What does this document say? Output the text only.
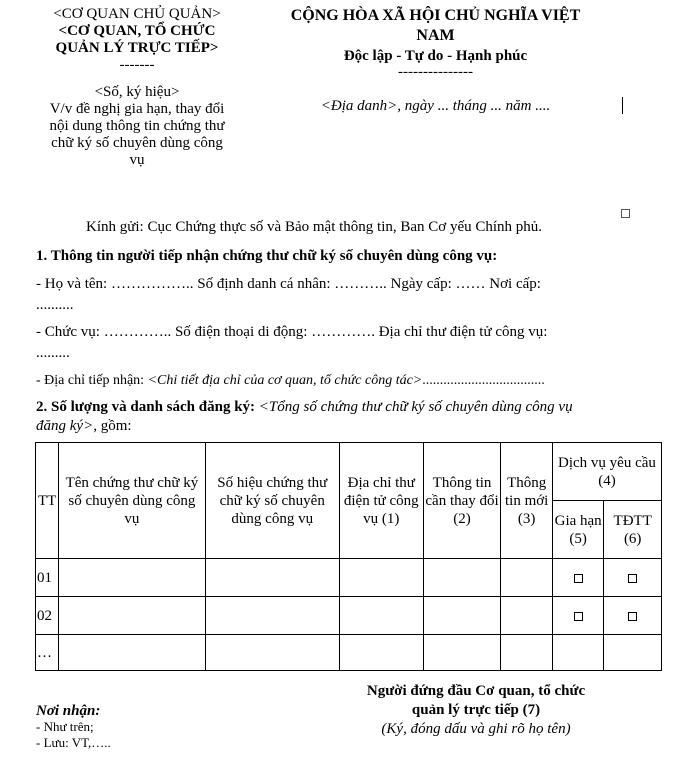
<CƠ QUAN CHỦ QUẢN>
<CƠ QUAN, TỔ CHỨC
QUẢN LÝ TRỰC TIẾP>
-------
<Số, ký hiệu>
V/v đề nghị gia hạn, thay đổi
nội dung thông tin chứng thư
chữ ký số chuyên dùng công
vụ
CỘNG HÒA XÃ HỘI CHỦ NGHĨA VIỆT
NAM
Độc lập - Tự do - Hạnh phúc
---------------
<Địa danh>, ngày ... tháng ... năm ....
Kính gửi: Cục Chứng thực số và Bảo mật thông tin, Ban Cơ yếu Chính phủ.
1. Thông tin người tiếp nhận chứng thư chữ ký số chuyên dùng công vụ:
- Họ và tên: …………….. Số định danh cá nhân: ……….. Ngày cấp: …… Nơi cấp:
..........
- Chức vụ: ………….. Số điện thoại di động: …………. Địa chỉ thư điện tử công vụ:
.........
- Địa chỉ tiếp nhận: <Chi tiết địa chỉ của cơ quan, tổ chức công tác>...................................
2. Số lượng và danh sách đăng ký: <Tổng số chứng thư chữ ký số chuyên dùng công vụ
đăng ký>, gồm:
TT	Tên chứng thư chữ ký số chuyên dùng công vụ	Số hiệu chứng thư chữ ký số chuyên dùng công vụ	Địa chỉ thư điện tử công vụ (1)	Thông tin cần thay đổi (2)	Thông tin mới (3)	Dịch vụ yêu cầu (4)	
						Gia hạn (5)	TĐTT (6)
01							
02							
…							
Nơi nhận:
- Như trên;
- Lưu: VT,…..
Người đứng đầu Cơ quan, tổ chức
quản lý trực tiếp (7)
(Ký, đóng dấu và ghi rõ họ tên)
